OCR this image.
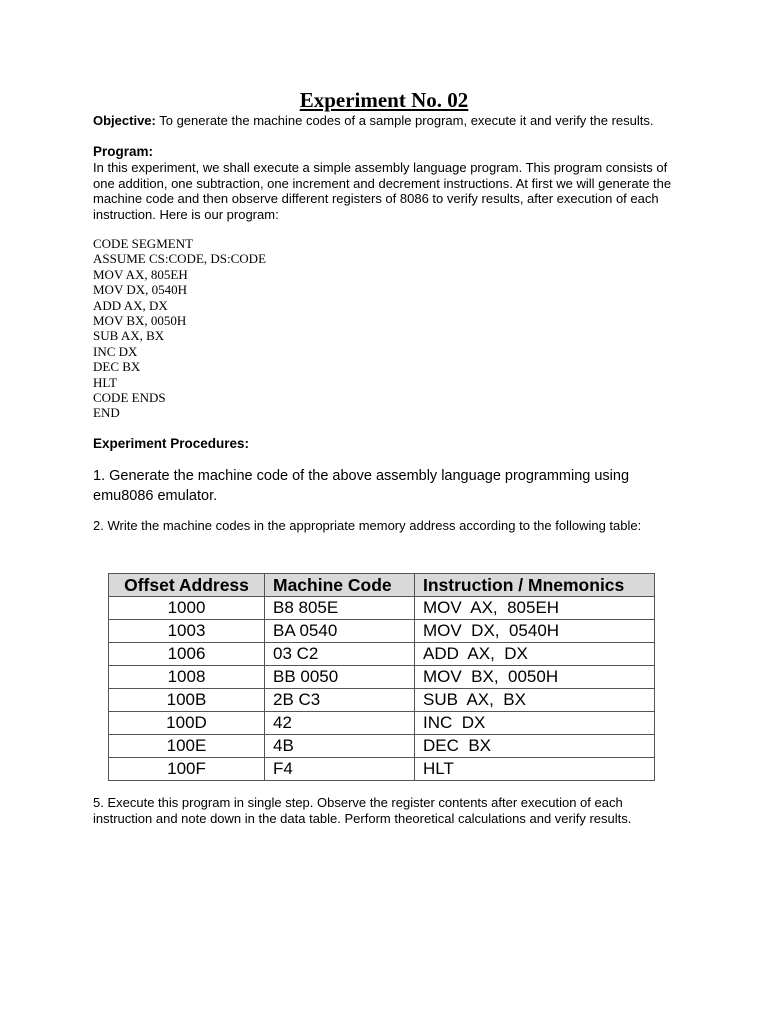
Experiment No. 02
Objective: To generate the machine codes of a sample program, execute it and verify the results.
Program:
In this experiment, we shall execute a simple assembly language program. This program consists of one addition, one subtraction, one increment and decrement instructions. At first we will generate the machine code and then observe different registers of 8086 to verify results, after execution of each instruction. Here is our program:
CODE SEGMENT
ASSUME CS:CODE, DS:CODE
MOV AX, 805EH
MOV DX, 0540H
ADD AX, DX
MOV BX, 0050H
SUB AX, BX
INC DX
DEC BX
HLT
CODE ENDS
END
Experiment Procedures:
1. Generate the machine code of the above assembly language programming using emu8086 emulator.
2. Write the machine codes in the appropriate memory address according to the following table:
Offset Address	Machine Code	Instruction / Mnemonics
1000	B8 805E	MOV  AX,  805EH
1003	BA 0540	MOV  DX,  0540H
1006	03 C2	ADD  AX,  DX
1008	BB 0050	MOV  BX,  0050H
100B	2B C3	SUB  AX,  BX
100D	42	INC  DX
100E	4B	DEC  BX
100F	F4	HLT
5. Execute this program in single step. Observe the register contents after execution of each instruction and note down in the data table. Perform theoretical calculations and verify results.
